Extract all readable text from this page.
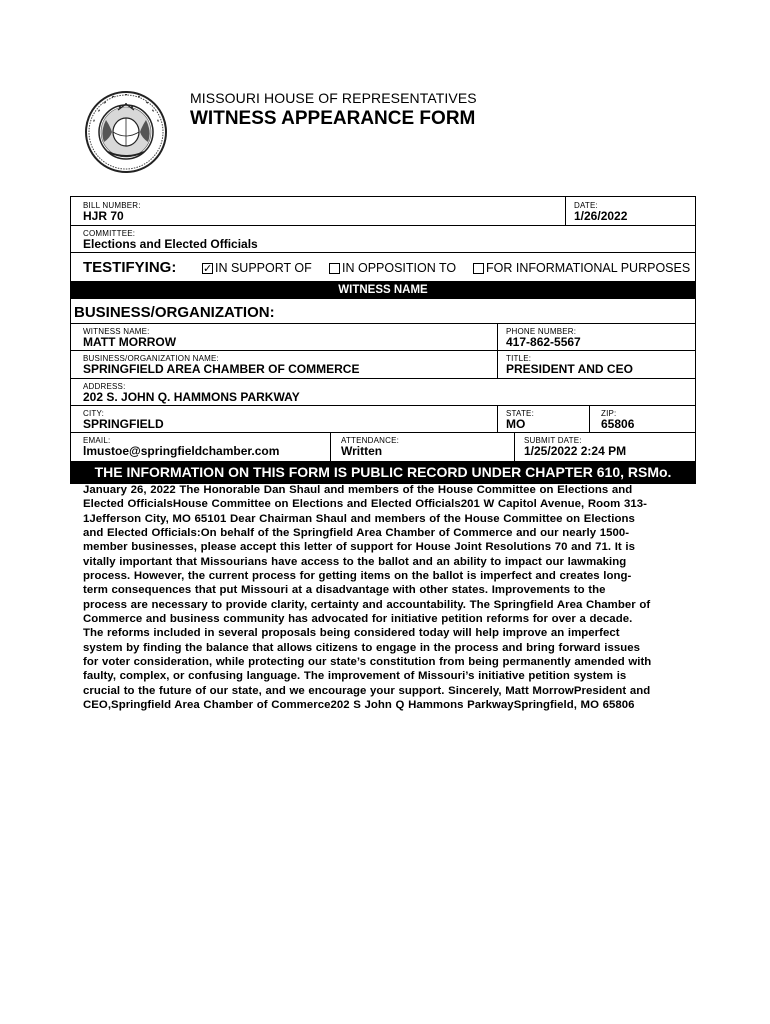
MISSOURI HOUSE OF REPRESENTATIVES
WITNESS APPEARANCE FORM
BILL NUMBER:
HJR 70
DATE:
1/26/2022
COMMITTEE:
Elections and Elected Officials
TESTIFYING: ✓ IN SUPPORT OF IN OPPOSITION TO FOR INFORMATIONAL PURPOSES
WITNESS NAME
BUSINESS/ORGANIZATION:
WITNESS NAME:
MATT MORROW
PHONE NUMBER:
417-862-5567
BUSINESS/ORGANIZATION NAME:
SPRINGFIELD AREA CHAMBER OF COMMERCE
TITLE:
PRESIDENT AND CEO
ADDRESS:
202 S. JOHN Q. HAMMONS PARKWAY
CITY:
SPRINGFIELD
STATE:
MO
ZIP:
65806
EMAIL:
lmustoe@springfieldchamber.com
ATTENDANCE:
Written
SUBMIT DATE:
1/25/2022 2:24 PM
THE INFORMATION ON THIS FORM IS PUBLIC RECORD UNDER CHAPTER 610, RSMo.
January 26, 2022 The Honorable Dan Shaul and members of the House Committee on Elections and
Elected OfficialsHouse Committee on Elections and Elected Officials201 W Capitol Avenue, Room 313-
1Jefferson City, MO 65101 Dear Chairman Shaul and members of the House Committee on Elections
and Elected Officials:On behalf of the Springfield Area Chamber of Commerce and our nearly 1500-
member businesses, please accept this letter of support for House Joint Resolutions 70 and 71. It is
vitally important that Missourians have access to the ballot and an ability to impact our lawmaking
process. However, the current process for getting items on the ballot is imperfect and creates long-
term consequences that put Missouri at a disadvantage with other states. Improvements to the
process are necessary to provide clarity, certainty and accountability. The Springfield Area Chamber of
Commerce and business community has advocated for initiative petition reforms for over a decade.
The reforms included in several proposals being considered today will help improve an imperfect
system by finding the balance that allows citizens to engage in the process and bring forward issues
for voter consideration, while protecting our state’s constitution from being permanently amended with
faulty, complex, or confusing language. The improvement of Missouri’s initiative petition system is
crucial to the future of our state, and we encourage your support. Sincerely, Matt MorrowPresident and
CEO,Springfield Area Chamber of Commerce202 S John Q Hammons ParkwaySpringfield, MO 65806
